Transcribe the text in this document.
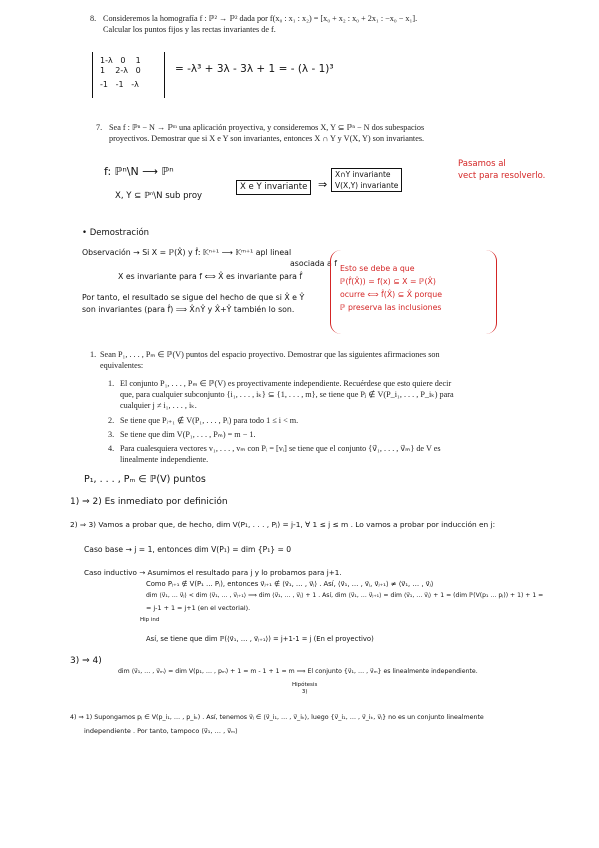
8. Consideremos la homografía f : ℙ² → ℙ² dada por f(x₀ : x₁ : x₂) = [x₀ + x₂ : x₀ + 2x₁ : −x₀ − x₁].
Calcular los puntos fijos y las rectas invariantes de f.
1-λ   0    1
1    2-λ   0
-1   -1   -λ
= -λ³ + 3λ - 3λ + 1 = - (λ - 1)³
7. Sea f : ℙⁿ − N → ℙᵐ una aplicación proyectiva, y consideremos X, Y ⊆ ℙⁿ − N dos subespacios
proyectivos. Demostrar que si X e Y son invariantes, entonces X ∩ Y y V(X, Y) son invariantes.
f: ℙⁿ\N ⟶ ℙⁿ
X, Y ⊆ ℙⁿ\N sub proy
X e Y invariante ⇒
X∩Y invariante
V(X,Y) invariante
Pasamos al
vect para resolverlo.
• Demostración
Observación → Si X = ℙ(X̂) y f̂: 𝕂ⁿ⁺¹ ⟶ 𝕂ᵐ⁺¹ apl lineal
asociada a f
X es invariante para f ⟺ X̂ es invariante para f̂
Por tanto, el resultado se sigue del hecho de que si X̂ e Ŷ
son invariantes (para f̂) ⟹ X̂∩Ŷ y X̂+Ŷ también lo son.
Esto se debe a que
ℙ(f̂(X̂)) = f(x) ⊆ X = ℙ(X̂)
ocurre ⟺ f̂(X̂) ⊆ X̂ porque
ℙ preserva las inclusiones
1. Sean P₁, . . . , Pₘ ∈ ℙ(V) puntos del espacio proyectivo. Demostrar que las siguientes afirmaciones son
equivalentes:
1. El conjunto P₁, . . . , Pₘ ∈ ℙ(V) es proyectivamente independiente. Recuérdese que esto quiere decir
que, para cualquier subconjunto {i₁, . . . , iₖ} ⊆ {1, . . . , m}, se tiene que Pⱼ ∉ V(P_i₁, . . . , P_iₖ) para
cualquier j ≠ i₁, . . . , iₖ.
2. Se tiene que Pᵢ₊₁ ∉ V(P₁, . . . , Pᵢ) para todo 1 ≤ i < m.
3. Se tiene que dim V(P₁, . . . , Pₘ) = m − 1.
4. Para cualesquiera vectores v₁, . . . , vₘ con Pᵢ = [vᵢ] se tiene que el conjunto {v⃗₁, . . . , v⃗ₘ} de V es
linealmente independiente.
P₁, . . . , Pₘ ∈ ℙ(V) puntos
1) ⇒ 2) Es inmediato por definición
2) ⇒ 3) Vamos a probar que, de hecho, dim V(P₁, . . . , Pⱼ) = j-1, ∀ 1 ≤ j ≤ m . Lo vamos a probar por inducción en j:
Caso base → j = 1, entonces dim V(P₁) = dim {P₁} = 0
Caso inductivo → Asumimos el resultado para j y lo probamos para j+1.
Como Pⱼ₊₁ ∉ V(P₁ … Pⱼ), entonces v⃗ⱼ₊₁ ∉ ⟨v⃗₁, … , v⃗ⱼ⟩ . Así, ⟨v⃗₁, … , v⃗ⱼ, v⃗ⱼ₊₁⟩ ≠ ⟨v⃗₁, … , v⃗ⱼ⟩
dim ⟨v⃗₁, … v⃗ⱼ⟩ < dim ⟨v⃗₁, … , v⃗ⱼ₊₁⟩ ⟹ dim ⟨v⃗₁, … , v⃗ⱼ⟩ + 1 . Así, dim ⟨v⃗₁, … v⃗ⱼ₊₁⟩ = dim ⟨v⃗₁, … v⃗ⱼ⟩ + 1 = (dim ℙ(V(p₁ … pⱼ)) + 1) + 1 =
= j-1 + 1 = j+1 (en el vectorial).
Hip ind
Así, se tiene que dim ℙ(⟨v⃗₁, … , v⃗ⱼ₊₁⟩) = j+1-1 = j (En el proyectivo)
3) ⇒ 4)
dim ⟨v⃗₁, … , v⃗ₘ⟩ = dim V(p₁, … , pₘ) + 1 = m - 1 + 1 = m ⟹ El conjunto {v⃗₁, … , v⃗ₘ} es linealmente independiente.
Hipótesis
3)
4) ⇒ 1) Supongamos pⱼ ∈ V(p_i₁, … , p_iₖ) . Así, tenemos v⃗ⱼ ∈ ⟨v⃗_i₁, … , v⃗_iₖ⟩, luego {v⃗_i₁, … , v⃗_iₖ, v⃗ⱼ} no es un conjunto linealmente
independiente . Por tanto, tampoco ⟨v⃗₁, … , v⃗ₘ⟩
